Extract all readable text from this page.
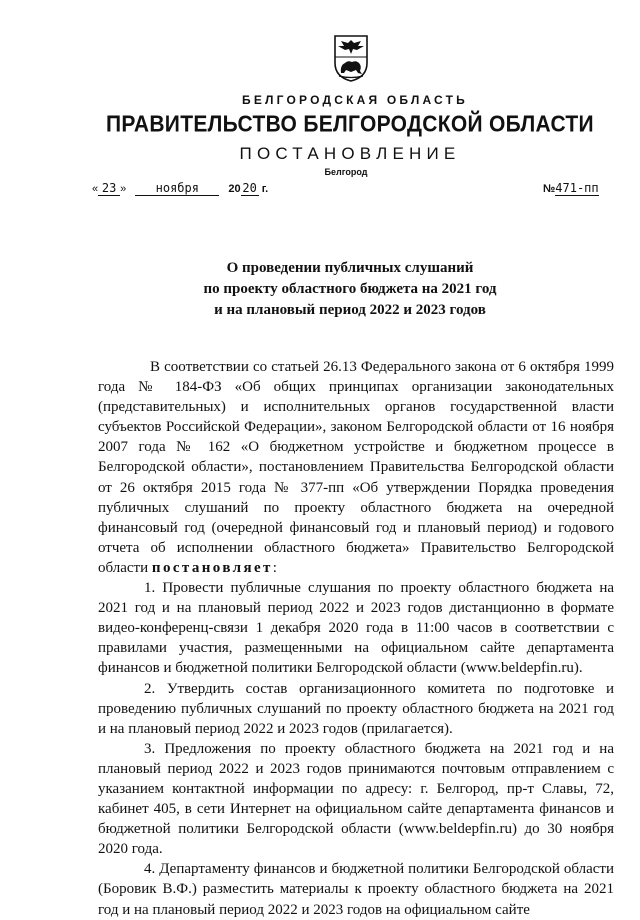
БЕЛГОРОДСКАЯ ОБЛАСТЬ
ПРАВИТЕЛЬСТВО БЕЛГОРОДСКОЙ ОБЛАСТИ
ПОСТАНОВЛЕНИЕ
Белгород
« 23 » ноября	20 20 г.	№471-пп
О проведении публичных слушаний
по проекту областного бюджета на 2021 год
и на плановый период 2022 и 2023 годов

В соответствии со статьей 26.13 Федерального закона от 6 октября 1999 года № 184-ФЗ «Об общих принципах организации законодательных (представительных) и исполнительных органов государственной власти субъектов Российской Федерации», законом Белгородской области от 16 ноября 2007 года № 162 «О бюджетном устройстве и бюджетном процессе в Белгородской области», постановлением Правительства Белгородской области от 26 октября 2015 года № 377-пп «Об утверждении Порядка проведения публичных слушаний по проекту областного бюджета на очередной финансовый год (очередной финансовый год и плановый период) и годового отчета об исполнении областного бюджета» Правительство Белгородской области постановляет:

1. Провести публичные слушания по проекту областного бюджета на 2021 год и на плановый период 2022 и 2023 годов дистанционно в формате видео-конференц-связи 1 декабря 2020 года в 11:00 часов в соответствии с правилами участия, размещенными на официальном сайте департамента финансов и бюджетной политики Белгородской области (www.beldepfin.ru).

2. Утвердить состав организационного комитета по подготовке и проведению публичных слушаний по проекту областного бюджета на 2021 год и на плановый период 2022 и 2023 годов (прилагается).

3. Предложения по проекту областного бюджета на 2021 год и на плановый период 2022 и 2023 годов принимаются почтовым отправлением с указанием контактной информации по адресу: г. Белгород, пр-т Славы, 72, кабинет 405, в сети Интернет на официальном сайте департамента финансов и бюджетной политики Белгородской области (www.beldepfin.ru) до 30 ноября 2020 года.

4. Департаменту финансов и бюджетной политики Белгородской области (Боровик В.Ф.) разместить материалы к проекту областного бюджета на 2021 год и на плановый период 2022 и 2023 годов на официальном сайте
